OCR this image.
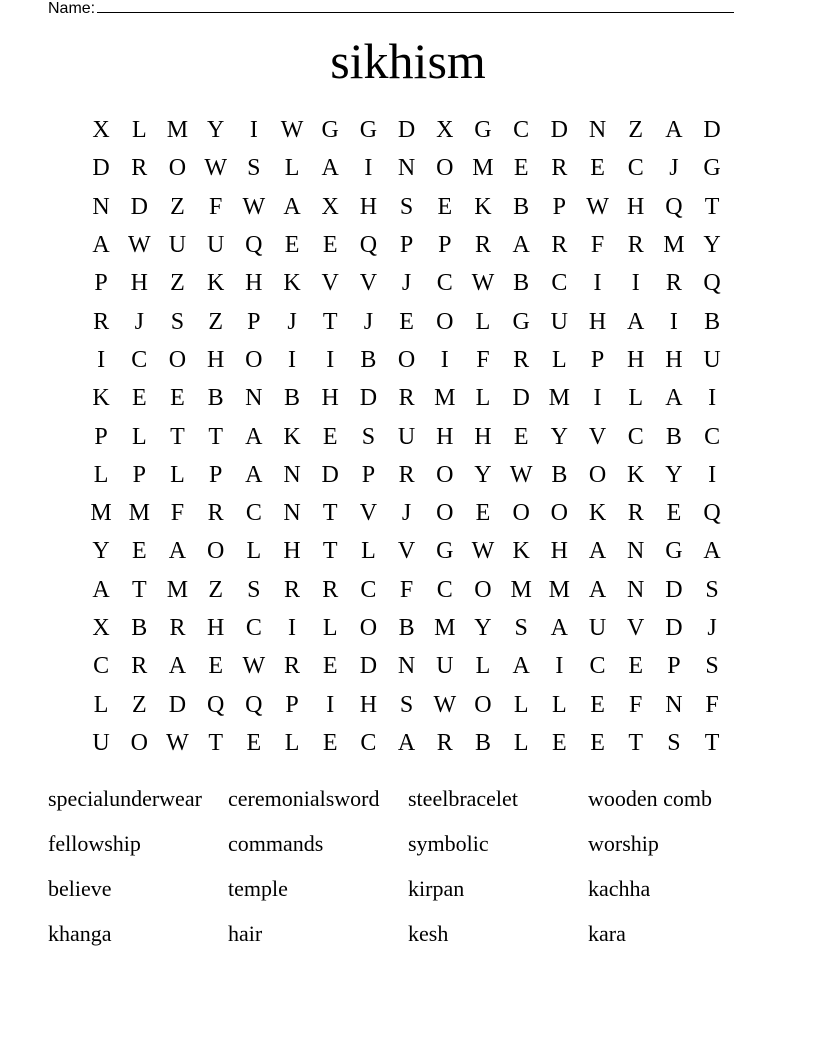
Name:
sikhism
X L M Y	I W G G D X G C D N Z A D
D R O W S	L A	I	N O M E R E C	J	G
N D Z	F W A X H S	E K B P W H Q T
A W U U Q E E Q P	P R A R F R M Y
P H Z K H K V V	J	C W B C	I	I	R Q
R	J	S	Z	P	J	T	J	E O L G U H A	I	B
I	C O H O	I	I	B O	I	F R L	P H H U
K E E B N B H D R M L D M I	L A	I
P	L T T A K E	S U H H E Y V C B C
L	P	L	P A N D P R O Y W B O K Y	I
M M F R C N T V	J	O E O O K R E Q
Y E A O L H T L V G W K H A N G A
A T M Z	S R R C F C O M M A N D S
X B R H C	I	L O B M Y S A U V D	J
C R A E W R E D N U L A	I	C E	P	S
L Z D Q Q P	I	H S W O L L E	F N F
U O W T E L E C A R B L E E T	S	T
specialunderwear	ceremonialsword	steelbracelet	wooden comb
fellowship	commands	symbolic	worship
believe	temple	kirpan	kachha
khanga	hair	kesh	kara
